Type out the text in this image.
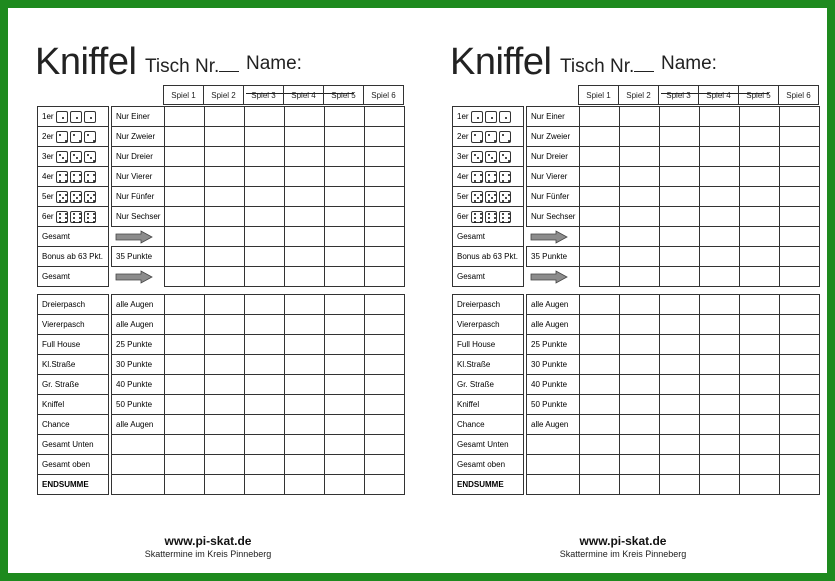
Kniffel Tisch Nr.	Name:
Spiel 1	Spiel 2	Spiel 3	Spiel 4	Spiel 5	Spiel 6
1er	Nur Einer
2er	Nur Zweier
3er	Nur Dreier
4er	Nur Vierer
5er	Nur Fünfer
6er	Nur Sechser
Gesamt
Bonus ab 63 Pkt. 35 Punkte
Gesamt
Dreierpasch	alle Augen
Viererpasch	alle Augen
Full House	25 Punkte
Kl.Straße	30 Punkte
Gr. Straße	40 Punkte
Kniffel	50 Punkte
Chance	alle Augen
Gesamt Unten
Gesamt oben
ENDSUMME
www.pi-skat.de
Skattermine im Kreis Pinneberg
Kniffel Tisch Nr.	Name:
Spiel 1	Spiel 2	Spiel 3	Spiel 4	Spiel 5	Spiel 6
1er	Nur Einer
2er	Nur Zweier
3er	Nur Dreier
4er	Nur Vierer
5er	Nur Fünfer
6er	Nur Sechser
Gesamt
Bonus ab 63 Pkt. 35 Punkte
Gesamt
Dreierpasch	alle Augen
Viererpasch	alle Augen
Full House	25 Punkte
Kl.Straße	30 Punkte
Gr. Straße	40 Punkte
Kniffel	50 Punkte
Chance	alle Augen
Gesamt Unten
Gesamt oben
ENDSUMME
www.pi-skat.de
Skattermine im Kreis Pinneberg
